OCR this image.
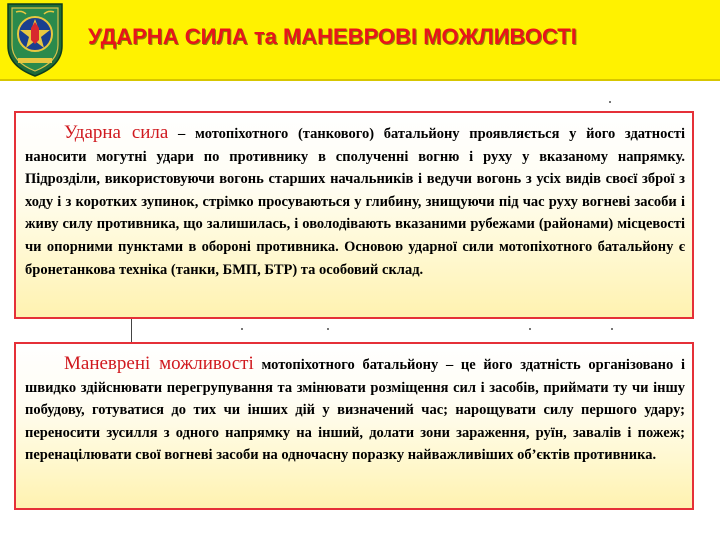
УДАРНА СИЛА та МАНЕВРОВІ МОЖЛИВОСТІ

Ударна сила – мотопіхотного (танкового) батальйону проявляється у його здатності наносити могутні удари по противнику в сполученні вогню і руху у вказаному напрямку. Підрозділи, використовуючи вогонь старших начальників і ведучи вогонь з усіх видів своєї зброї з ходу і з коротких зупинок, стрімко просуваються у глибину, знищуючи під час руху вогневі засоби і живу силу противника, що залишилась, і оволодівають вказаними рубежами (районами) місцевості чи опорними пунктами в обороні противника. Основою ударної сили мотопіхотного батальйону є бронетанкова техніка (танки, БМП, БТР) та особовий склад.

Маневрені можливості мотопіхотного батальйону – це його здатність організовано і швидко здійснювати перегрупування та змінювати розміщення сил і засобів, приймати ту чи іншу побудову, готуватися до тих чи інших дій у визначений час; нарощувати силу першого удару; переносити зусилля з одного напрямку на інший, долати зони зараження, руїн, завалів і пожеж; перенацілювати свої вогневі засоби на одночасну поразку найважливіших об’єктів противника.
